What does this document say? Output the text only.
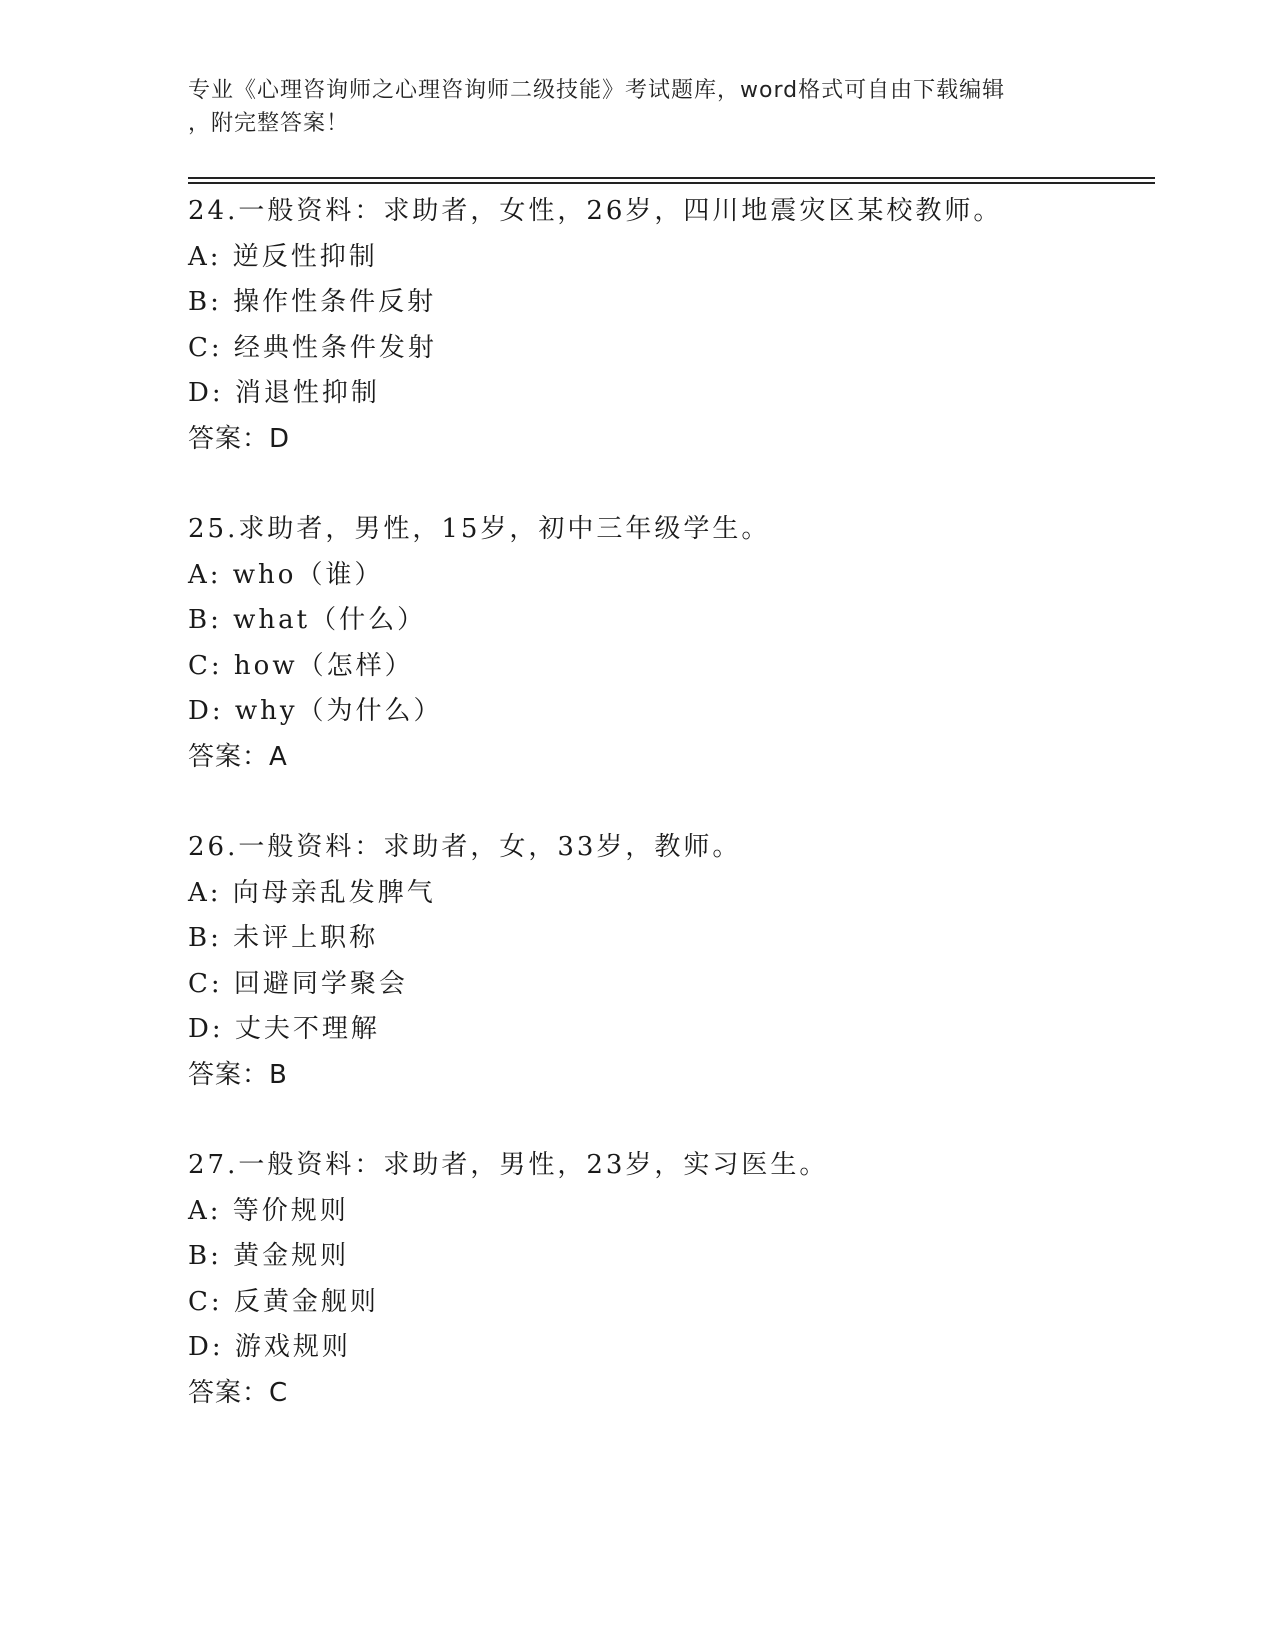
专业《心理咨询师之心理咨询师二级技能》考试题库，word格式可自由下载编辑
，附完整答案！
24.一般资料：求助者，女性，26岁，四川地震灾区某校教师。
A: 逆反性抑制
B: 操作性条件反射
C: 经典性条件发射
D: 消退性抑制
答案：D
25.求助者，男性，15岁，初中三年级学生。
A: who（谁）
B: what（什么）
C: how（怎样）
D: why（为什么）
答案：A
26.一般资料：求助者，女，33岁，教师。
A: 向母亲乱发脾气
B: 未评上职称
C: 回避同学聚会
D: 丈夫不理解
答案：B
27.一般资料：求助者，男性，23岁，实习医生。
A: 等价规则
B: 黄金规则
C: 反黄金舰则
D: 游戏规则
答案：C
